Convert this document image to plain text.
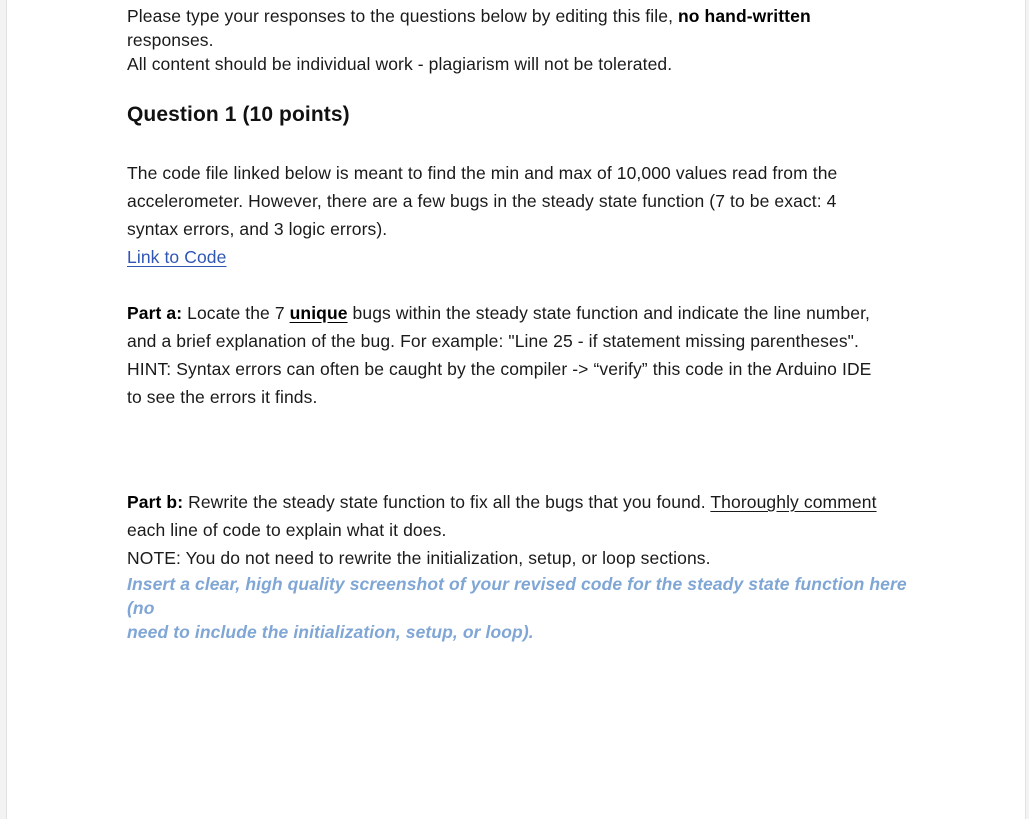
Please type your responses to the questions below by editing this file, no hand-written
responses.

All content should be individual work - plagiarism will not be tolerated.

Question 1 (10 points)

The code file linked below is meant to find the min and max of 10,000 values read from the

accelerometer. However, there are a few bugs in the steady state function (7 to be exact: 4

syntax errors, and 3 logic errors).

Link to Code

Part a: Locate the 7 unique bugs within the steady state function and indicate the line number,

and a brief explanation of the bug. For example: "Line 25 - if statement missing parentheses".

HINT: Syntax errors can often be caught by the compiler -> “verify” this code in the Arduino IDE

to see the errors it finds.

Part b: Rewrite the steady state function to fix all the bugs that you found. Thoroughly comment

each line of code to explain what it does.

NOTE: You do not need to rewrite the initialization, setup, or loop sections.

Insert a clear, high quality screenshot of your revised code for the steady state function here (no

need to include the initialization, setup, or loop).
